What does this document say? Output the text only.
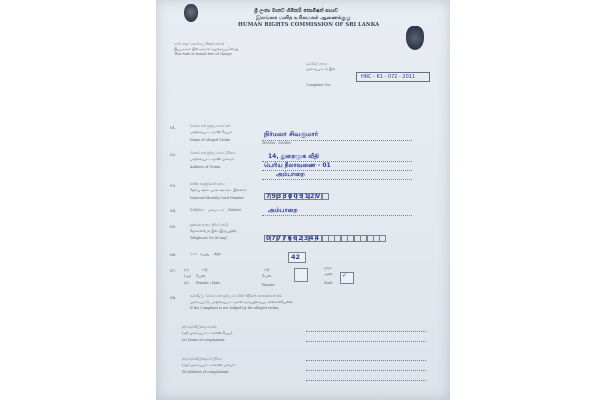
ශ්‍රී ලංකා මානව හිමිකම් කොමිෂන් සභාව
இலங்கை மனித உரிமைகள் ஆணைக்குழு
HUMAN RIGHTS COMMISSION OF SRI LANKA
මෙම පත්‍රය නොමිලේ නිකුත් කෙරේ
இப்படிவம் இலவசமாக வழங்கப்படுகிறது
This form is issued free of charge
පැමිණිලි අංකය
முறைப்பாட்டு இல.
Complaint No.
HRC - K1 - 072 - 2011
01.	විපතට පත් පුද්ගලයාගේ නම
பாதிக்கப்பட்டவரின் பெயர்
Name of alleged Victim
Mr/Mrs., Ms/Rev
நிர்மலா சிவகுமார்
02.	විපතට පත් පුද්ගලයාගේ ලිපිනය
பாதிக்கப்பட்டவரின் முகவரி
Address of Victim
14, துறைமுக வீதி
பெரிய நீலாவணை - 01
அம்பாறை
03.	ජාතික හැඳුනුම්පත් අංකය
தேசிய அடையாள அட்டை இலக்கம்
National Identity Card Number	793300912V
04.	දිස්ත්‍රික්කය மாவட்டம் District	அம்பாறை
05.	දුරකථන අංකය (තිබේ නම්)
தொலைபேசி இல (இருப்பின்)
Telephone No (if any)	0777662344
06.	වයස வயது Age	42
07. (අ)
(ஆ)
(a)
ස්ත්‍රී
பெண்
Female / Male
ස්ත්‍රී
பெண்
Female
පුරුෂ
ஆண்
Male
✓
08.	පැමිණිල්ල විපතට පත් පුද්ගලයා විසින් ඉදිරිපත් නොකරන්නේ නම්
முறைப்பாடு, பாதிக்கப்பட்டவரால் சமர்ப்பிக்கப்படவில்லையெனில்
If the Complaint is not lodged by the alleged victim,
(අ) පැමිණිලිකරුගේ නම
(அ) முறைப்பாட்டாளரின் பெயர்
(a) Name of complainant
(ආ) පැමිණිලිකරුගේ ලිපිනය
(ஆ) முறைப்பாட்டாளரின் முகவரி
(b) Address of complainant
